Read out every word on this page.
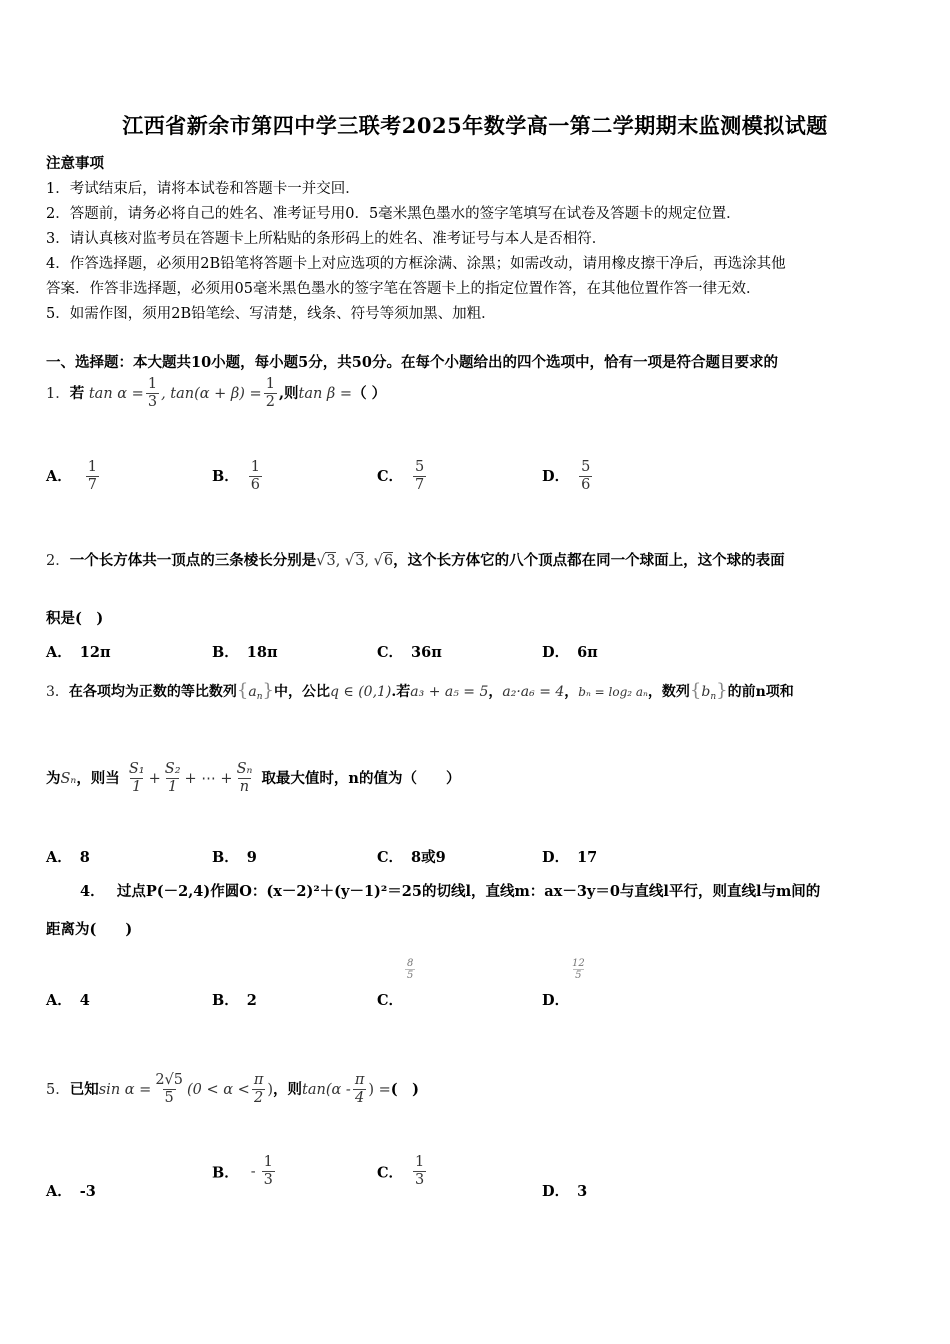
江西省新余市第四中学三联考2025年数学高一第二学期期末监测模拟试题
注意事项
1．考试结束后，请将本试卷和答题卡一并交回．
2．答题前，请务必将自己的姓名、准考证号用0．5毫米黑色墨水的签字笔填写在试卷及答题卡的规定位置．
3．请认真核对监考员在答题卡上所粘贴的条形码上的姓名、准考证号与本人是否相符．
4．作答选择题，必须用2B铅笔将答题卡上对应选项的方框涂满、涂黑；如需改动，请用橡皮擦干净后，再选涂其他
答案．作答非选择题，必须用05毫米黑色墨水的签字笔在答题卡上的指定位置作答，在其他位置作答一律无效．
5．如需作图，须用2B铅笔绘、写清楚，线条、符号等须加黑、加粗．
一、选择题：本大题共10小题，每小题5分，共50分。在每个小题给出的四个选项中，恰有一项是符合题目要求的
1．若 $\tan \alpha = \frac{1}{3}$ , $\tan(\alpha + \beta) = \frac{1}{2}$ ,则tan β =（ ）
A． $\frac{1}{7}$	B． $\frac{1}{6}$	C． $\frac{5}{7}$	D． $\frac{5}{6}$
2．一个长方体共一顶点的三条棱长分别是√3, √3, √6，这个长方体它的八个顶点都在同一个球面上，这个球的表面
积是(　)
A． 12π	B． 18π	C． 36π	D． 6π
3．在各项均为正数的等比数列$\{a_n\}$中，公比q ∈ (0,1).若a₃ + a₅ = 5，a₂·a₆ = 4，bₙ = log₂ aₙ，数列$\{b_n\}$的前n项和
为Sₙ，则当 $\frac{\text{S₁}}{1} + \frac{\text{S₂}}{1}$ + ⋯ + $\frac{\text{Sₙ}}{n}$ 取最大值时，n的值为（　　）
A． 8	B． 9	C． 8或9	D． 17
4．　 过点P(－2,4)作圆O：(x－2)²＋(y－1)²＝25的切线l，直线m：ax－3y＝0与直线l平行，则直线l与m间的
距离为(　　)
A． 4	B． 2	C．
$\frac{8}{5}$
D．
$\frac{12}{5}$
5．已知$\sin \alpha = \frac{2√5}{5} (0 < \alpha < \frac{\pi}{2}$ )，则$\tan(\alpha - \frac{\pi}{4}$ ) =(　)
A． -3
B． - $\frac{1}{3}$	C． $\frac{1}{3}$
D． 3
